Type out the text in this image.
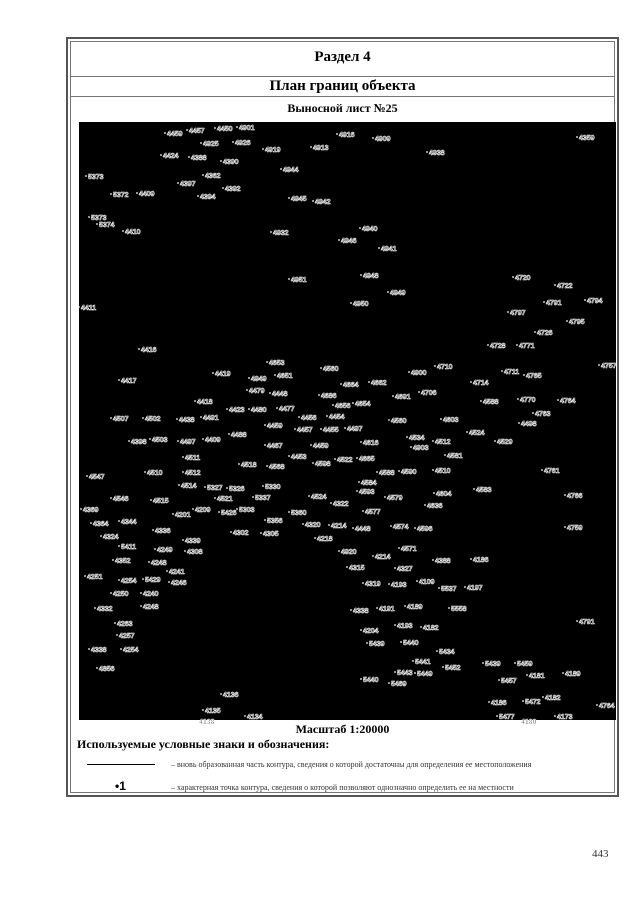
Раздел 4
План границ объекта
Выносной лист №25
4459 4457 4450 4901
4916
4909
4913
4919
4925 4926
4424 4388
4390
4944
4938
4359
4362
4397
4392
4394
5372 4409
5373
4945 4942
5373
5374
4410	4932
4940
4946
4941
4951
4948
4949
4950
4720
4722
4791	4794
4797
4795
4726
4728 4771
4411
4416
4417
4419
4653
4560
4949 4651	4900
4710
4711
4765
4714
4757
4479 4448
4664 4662
4686	4691
4706
4418
4480 4477
4423
4656 4654	4588	4770	4764
4763
4507 4502	4438 4491	4456 4454
4560	4603
4459
4457 4455 4497
4524
4498
4488
4398 4503 4497 4409
4467	4459	4616
4534
4903
4512	4529
4511	4453	4522 4665	4581
4518 4568	4598
4590
4588	4510	4761
4547
4510	4512
4584
4514 5327 5326	5330
4593	4604
4583
4546	4515	4521	5337	4524	4579
4322	4636
4766
4369	4209 5426 5303
4201	5360	4577
5356
4364 4344	4320 4214 4448	4574 4596	4759
4324
4336	4302 4305
4218
5411	4249
4339
4308	4571
4920
4214
4388	4186
4352	4248
4241
4315	4327
4251
4254 5429 4246	4319 4193 4109
5537 4197
4250 4240
4332	4248
4338 4191 4189	5558
4263
4257
4204
4193 4182
4791
4338 4254
5439	5440
5434
4856
5441
5452
5439 5459
5443 5449
5440
5469	5457
4181	4189
4136
4186	5472
4182
4764
4135
4134	5477	4173
4138	4180
Масштаб 1:20000
Используемые условные знаки и обозначения:
– вновь образованная часть контура, сведения о которой достаточны для определения ее местоположения
•1	– характерная точка контура, сведения о которой позволяют однозначно определить ее на местности
443
